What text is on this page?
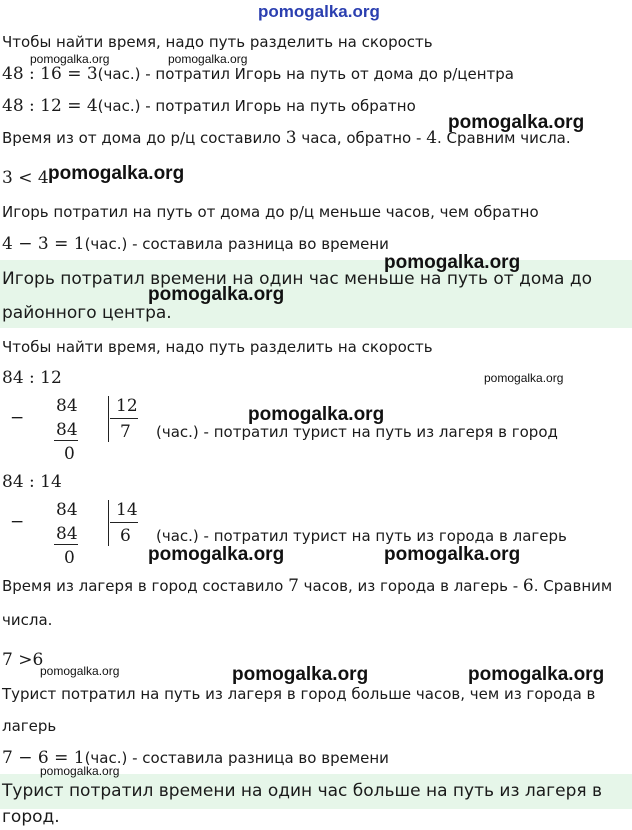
pomogalka.org
Чтобы найти время, надо путь разделить на скорость
48 : 16 = 3(час.) - потратил Игорь на путь от дома до р/центра
48 : 12 = 4(час.) - потратил Игорь на путь обратно
Время из от дома до р/ц составило 3 часа, обратно - 4. Сравним числа.
3 < 4
Игорь потратил на путь от дома до р/ц меньше часов, чем обратно
4 − 3 = 1(час.) - составила разница во времени
Игорь потратил времени на один час меньше на путь от дома до
районного центра.
Чтобы найти время, надо путь разделить на скорость
84 : 12
−
84
84
0
12
7 (час.) - потратил турист на путь из лагеря в город
84 : 14
−
84
84
0
14
6 (час.) - потратил турист на путь из города в лагерь
Время из лагеря в город составило 7 часов, из города в лагерь - 6. Сравним
числа.
7 >6
Турист потратил на путь из лагеря в город больше часов, чем из города в
лагерь
7 − 6 = 1(час.) - составила разница во времени
Турист потратил времени на один час больше на путь из лагеря в город.
pomogalka.org	pomogalka.org
pomogalka.org
pomogalka.org
pomogalka.org
pomogalka.org
pomogalka.org
pomogalka.org
pomogalka.org	pomogalka.org
pomogalka.org	pomogalka.org	pomogalka.org
pomogalka.org
